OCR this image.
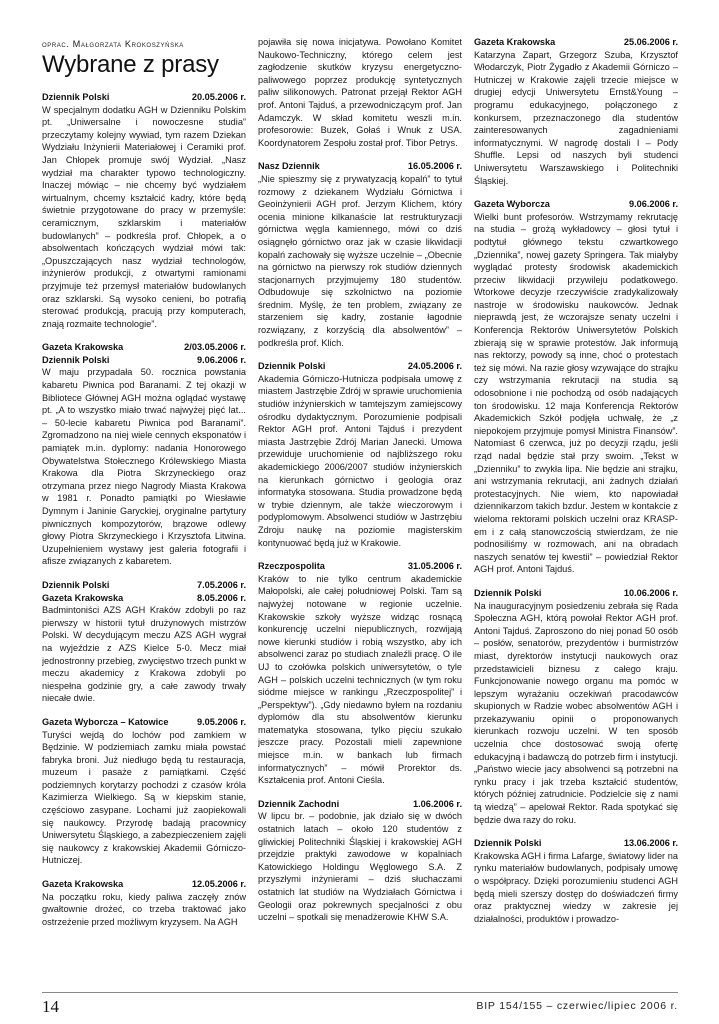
oprac. Małgorzata Krokoszyńska
Wybrane z prasy
Dziennik Polski	20.05.2006 r.

W specjalnym dodatku AGH w Dzienniku Polskim pt. „Uniwersalne i nowoczesne studia” przeczytamy kolejny wywiad, tym razem Dziekan Wydziału Inżynierii Materiałowej i Ceramiki prof. Jan Chłopek promuje swój Wydział. „Nasz wydział ma charakter typowo technologiczny. Inaczej mówiąc – nie chcemy być wydziałem wirtualnym, chcemy kształcić kadry, które będą świetnie przygotowane do pracy w przemyśle: ceramicznym, szklarskim i materiałów budowlanych” – podkreśla prof. Chłopek, a o absolwentach kończących wydział mówi tak: „Opuszczających nasz wydział technologów, inżynierów produkcji, z otwartymi ramionami przyjmuje też przemysł materiałów budowlanych oraz szklarski. Są wysoko cenieni, bo potrafią sterować produkcją, pracują przy komputerach, znają rozmaite technologie”.

Gazeta Krakowska	2/03.05.2006 r.
Dziennik Polski	9.06.2006 r.

W maju przypadała 50. rocznica powstania kabaretu Piwnica pod Baranami. Z tej okazji w Bibliotece Głównej AGH można oglądać wystawę pt. „A to wszystko miało trwać najwyżej pięć lat... – 50-lecie kabaretu Piwnica pod Baranami”. Zgromadzono na niej wiele cennych eksponatów i pamiątek m.in. dyplomy: nadania Honorowego Obywatelstwa Stołecznego Królewskiego Miasta Krakowa dla Piotra Skrzyneckiego oraz otrzymana przez niego Nagrody Miasta Krakowa w 1981 r. Ponadto pamiątki po Wiesławie Dymnym i Janinie Garyckiej, oryginalne partytury piwnicznych kompozytorów, brązowe odlewy głowy Piotra Skrzyneckiego i Krzysztofa Litwina. Uzupełnieniem wystawy jest galeria fotografii i afisze związanych z kabaretem.

Dziennik Polski	7.05.2006 r.
Gazeta Krakowska	8.05.2006 r.

Badmintoniści AZS AGH Kraków zdobyli po raz pierwszy w historii tytuł drużynowych mistrzów Polski. W decydującym meczu AZS AGH wygrał na wyjeździe z AZS Kielce 5-0. Mecz miał jednostronny przebieg, zwycięstwo trzech punkt w meczu akademicy z Krakowa zdobyli po niespełna godzinie gry, a całe zawody trwały niecałe dwie.

Gazeta Wyborcza – Katowice	9.05.2006 r.

Turyści wejdą do lochów pod zamkiem w Będzinie. W podziemiach zamku miała powstać fabryka broni. Już niedługo będą tu restauracja, muzeum i pasaże z pamiątkami. Część podziemnych korytarzy pochodzi z czasów króla Kazimierza Wielkiego. Są w kiepskim stanie, częściowo zasypane. Lochami już zaopiekowali się naukowcy. Przyrodę badają pracownicy Uniwersytetu Śląskiego, a zabezpieczeniem zajęli się naukowcy z krakowskiej Akademii Górniczo-Hutniczej.

Gazeta Krakowska	12.05.2006 r.

Na początku roku, kiedy paliwa zaczęły znów gwałtownie drożeć, co trzeba traktować jako ostrzeżenie przed możliwym kryzysem. Na AGH

pojawiła się nowa inicjatywa. Powołano Komitet Naukowo-Techniczny, którego celem jest zagłodzenie skutków kryzysu energetyczno-paliwowego poprzez produkcję syntetycznych paliw silikonowych. Patronat przejął Rektor AGH prof. Antoni Tajduś, a przewodniczącym prof. Jan Adamczyk. W skład komitetu weszli m.in. profesorowie: Buzek, Gołaś i Wnuk z USA. Koordynatorem Zespołu został prof. Tibor Petrys.

Nasz Dziennik	16.05.2006 r.

„Nie spieszmy się z prywatyzacją kopalń” to tytuł rozmowy z dziekanem Wydziału Górnictwa i Geoinżynierii AGH prof. Jerzym Klichem, który ocenia minione kilkanaście lat restrukturyzacji górnictwa węgla kamiennego, mówi co dziś osiągnęło górnictwo oraz jak w czasie likwidacji kopalń zachowały się wyższe uczelnie – „Obecnie na górnictwo na pierwszy rok studiów dziennych stacjonarnych przyjmujemy 180 studentów. Odbudowuje się szkolnictwo na poziomie średnim. Myślę, że ten problem, związany ze starzeniem się kadry, zostanie łagodnie rozwiązany, z korzyścią dla absolwentów” – podkreśla prof. Klich.

Dziennik Polski	24.05.2006 r.

Akademia Górniczo-Hutnicza podpisała umowę z miastem Jastrzębie Zdrój w sprawie uruchomienia studiów inżynierskich w tamtejszym zamiejscowy ośrodku dydaktycznym. Porozumienie podpisali Rektor AGH prof. Antoni Tajduś i prezydent miasta Jastrzębie Zdrój Marian Janecki. Umowa przewiduje uruchomienie od najbliższego roku akademickiego 2006/2007 studiów inżynierskich na kierunkach górnictwo i geologia oraz informatyka stosowana. Studia prowadzone będą w trybie dziennym, ale także wieczorowym i podyplomowym. Absolwenci studiów w Jastrzębiu Zdroju naukę na poziomie magisterskim kontynuować będą już w Krakowie.

Rzeczpospolita	31.05.2006 r.

Kraków to nie tylko centrum akademickie Małopolski, ale całej południowej Polski. Tam są najwyżej notowane w regionie uczelnie. Krakowskie szkoły wyższe widząc rosnącą konkurencję uczelni niepublicznych, rozwijają nowe kierunki studiów i robią wszystko, aby ich absolwenci zaraz po studiach znaleźli pracę. O ile UJ to czołówka polskich uniwersytetów, o tyle AGH – polskich uczelni technicznych (w tym roku siódme miejsce w rankingu „Rzeczpospolitej” i „Perspektyw”). „Gdy niedawno byłem na rozdaniu dyplomów dla stu absolwentów kierunku matematyka stosowana, tylko pięciu szukało jeszcze pracy. Pozostali mieli zapewnione miejsce m.in. w bankach lub firmach informatycznych” – mówił Prorektor ds. Kształcenia prof. Antoni Cieśla.

Dziennik Zachodni	1.06.2006 r.

W lipcu br. – podobnie, jak działo się w dwóch ostatnich latach – około 120 studentów z gliwickiej Politechniki Śląskiej i krakowskiej AGH przejdzie praktyki zawodowe w kopalniach Katowickiego Holdingu Węglowego S.A. Z przyszłymi inżynierami – dziś słuchaczami ostatnich lat studiów na Wydziałach Górnictwa i Geologii oraz pokrewnych specjalności z obu uczelni – spotkali się menadżerowie KHW S.A.

Gazeta Krakowska	25.06.2006 r.

Katarzyna Zapart, Grzegorz Szuba, Krzysztof Włodarczyk, Piotr Żygadło z Akademii Górniczo – Hutniczej w Krakowie zajęli trzecie miejsce w drugiej edycji Uniwersytetu Ernst&Young – programu edukacyjnego, połączonego z konkursem, przeznaczonego dla studentów zainteresowanych zagadnieniami informatycznymi. W nagrodę dostali I – Pody Shuffle. Lepsi od naszych byli studenci Uniwersytetu Warszawskiego i Politechniki Śląskiej.

Gazeta Wyborcza	9.06.2006 r.

Wielki bunt profesorów. Wstrzymamy rekrutację na studia – grożą wykładowcy – głosi tytuł i podtytuł głównego tekstu czwartkowego „Dziennika”, nowej gazety Springera. Tak miałyby wyglądać protesty środowisk akademickich przeciw likwidacji przywileju podatkowego. Wtorkowe decyzje rzeczywiście zradykalizowały nastroje w środowisku naukowców. Jednak nieprawdą jest, że wczorajsze senaty uczelni i Konferencja Rektorów Uniwersytetów Polskich zbierają się w sprawie protestów. Jak informują nas rektorzy, powody są inne, choć o protestach też się mówi. Na razie głosy wzywające do strajku czy wstrzymania rekrutacji na studia są odosobnione i nie pochodzą od osób nadających ton środowisku. 12 maja Konferencja Rektorów Akademickich Szkół podjęła uchwałę, że „z niepokojem przyjmuje pomysł Ministra Finansów”. Natomiast 6 czerwca, już po decyzji rządu, jeśli rząd nadal będzie stał przy swoim. „Tekst w „Dzienniku” to zwykła lipa. Nie będzie ani strajku, ani wstrzymania rekrutacji, ani żadnych działań protestacyjnych. Nie wiem, kto napowiadał dziennikarzom takich bzdur. Jestem w kontakcie z wieloma rektorami polskich uczelni oraz KRASP-em i z całą stanowczością stwierdzam, że nie podnosiliśmy w rozmowach, ani na obradach naszych senatów tej kwestii” – powiedział Rektor AGH prof. Antoni Tajduś.

Dziennik Polski	10.06.2006 r.

Na inauguracyjnym posiedzeniu zebrała się Rada Społeczna AGH, którą powołał Rektor AGH prof. Antoni Tajduś. Zaproszono do niej ponad 50 osób – posłów, senatorów, prezydentów i burmistrzów miast, dyrektorów instytucji naukowych oraz przedstawicieli biznesu z całego kraju. Funkcjonowanie nowego organu ma pomóc w lepszym wyrażaniu oczekiwań pracodawców skupionych w Radzie wobec absolwentów AGH i przekazywaniu opinii o proponowanych kierunkach rozwoju uczelni. W ten sposób uczelnia chce dostosować swoją ofertę edukacyjną i badawczą do potrzeb firm i instytucji. „Państwo wiecie jacy absolwenci są potrzebni na rynku pracy i jak trzeba kształcić studentów, których później zatrudnicie. Podzielcie się z nami tą wiedzą” – apelował Rektor. Rada spotykać się będzie dwa razy do roku.

Dziennik Polski	13.06.2006 r.

Krakowska AGH i firma Lafarge, światowy lider na rynku materiałów budowlanych, podpisały umowę o współpracy. Dzięki porozumieniu studenci AGH będą mieli szerszy dostęp do doświadczeń firmy oraz praktycznej wiedzy w zakresie jej działalności, produktów i prowadzo-

14	BIP 154/155 – czerwiec/lipiec 2006 r.
